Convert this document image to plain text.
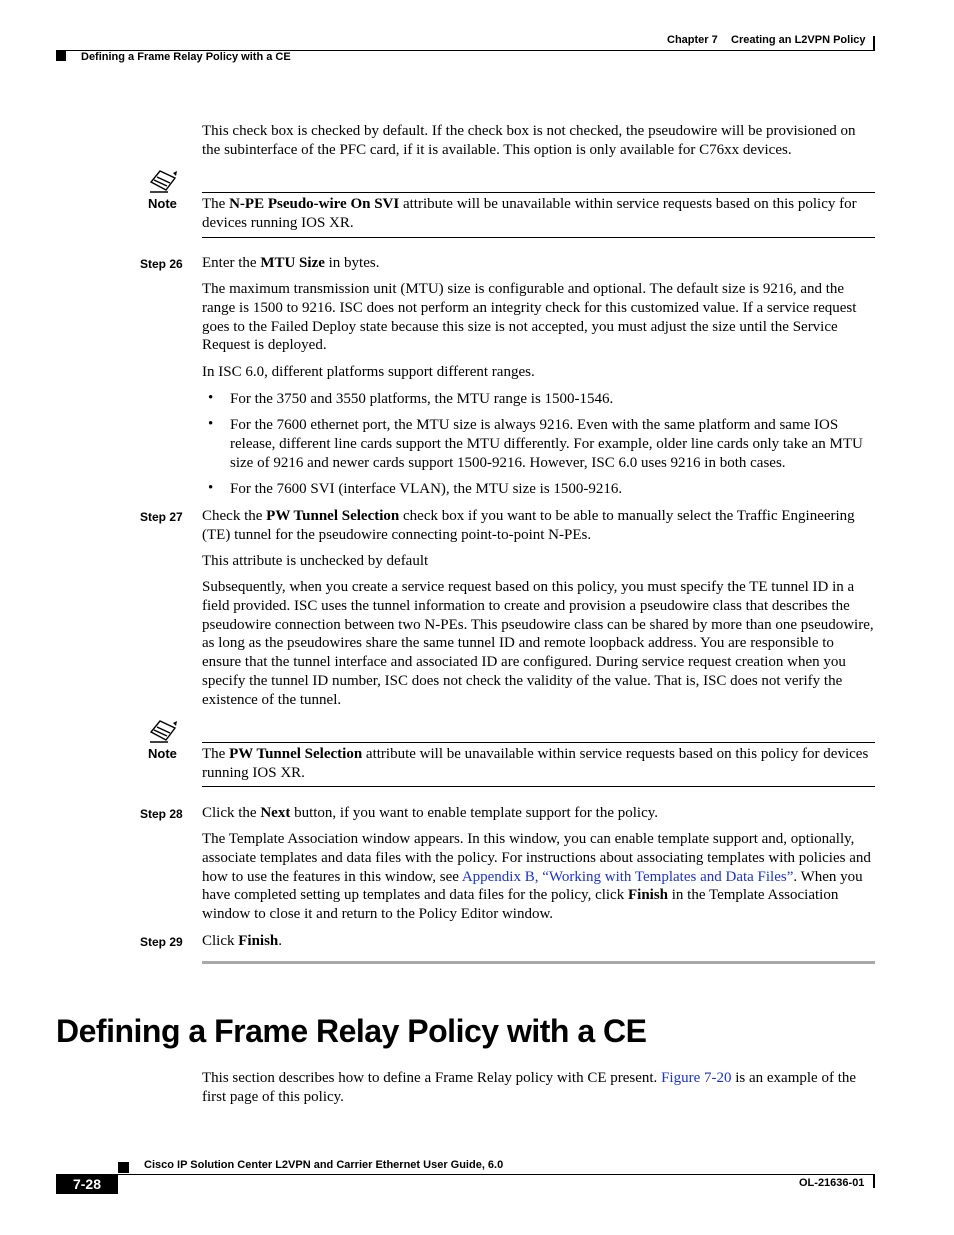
Chapter 7 Creating an L2VPN Policy
Defining a Frame Relay Policy with a CE

This check box is checked by default. If the check box is not checked, the pseudowire will be provisioned on the subinterface of the PFC card, if it is available. This option is only available for C76xx devices.

Note The N-PE Pseudo-wire On SVI attribute will be unavailable within service requests based on this policy for devices running IOS XR.

Step 26 Enter the MTU Size in bytes.

The maximum transmission unit (MTU) size is configurable and optional. The default size is 9216, and the range is 1500 to 9216. ISC does not perform an integrity check for this customized value. If a service request goes to the Failed Deploy state because this size is not accepted, you must adjust the size until the Service Request is deployed.

In ISC 6.0, different platforms support different ranges.

• For the 3750 and 3550 platforms, the MTU range is 1500-1546.
• For the 7600 ethernet port, the MTU size is always 9216. Even with the same platform and same IOS release, different line cards support the MTU differently. For example, older line cards only take an MTU size of 9216 and newer cards support 1500-9216. However, ISC 6.0 uses 9216 in both cases.
• For the 7600 SVI (interface VLAN), the MTU size is 1500-9216.
Step 27 Check the PW Tunnel Selection check box if you want to be able to manually select the Traffic Engineering (TE) tunnel for the pseudowire connecting point-to-point N-PEs.

This attribute is unchecked by default

Subsequently, when you create a service request based on this policy, you must specify the TE tunnel ID in a field provided. ISC uses the tunnel information to create and provision a pseudowire class that describes the pseudowire connection between two N-PEs. This pseudowire class can be shared by more than one pseudowire, as long as the pseudowires share the same tunnel ID and remote loopback address. You are responsible to ensure that the tunnel interface and associated ID are configured. During service request creation when you specify the tunnel ID number, ISC does not check the validity of the value. That is, ISC does not verify the existence of the tunnel.

Note The PW Tunnel Selection attribute will be unavailable within service requests based on this policy for devices running IOS XR.

Step 28 Click the Next button, if you want to enable template support for the policy.

The Template Association window appears. In this window, you can enable template support and, optionally, associate templates and data files with the policy. For instructions about associating templates with policies and how to use the features in this window, see Appendix B, “Working with Templates and Data Files”. When you have completed setting up templates and data files for the policy, click Finish in the Template Association window to close it and return to the Policy Editor window.

Step 29 Click Finish.

Defining a Frame Relay Policy with a CE

This section describes how to define a Frame Relay policy with CE present. Figure 7-20 is an example of the first page of this policy.

Cisco IP Solution Center L2VPN and Carrier Ethernet User Guide, 6.0
7-28	OL-21636-01
